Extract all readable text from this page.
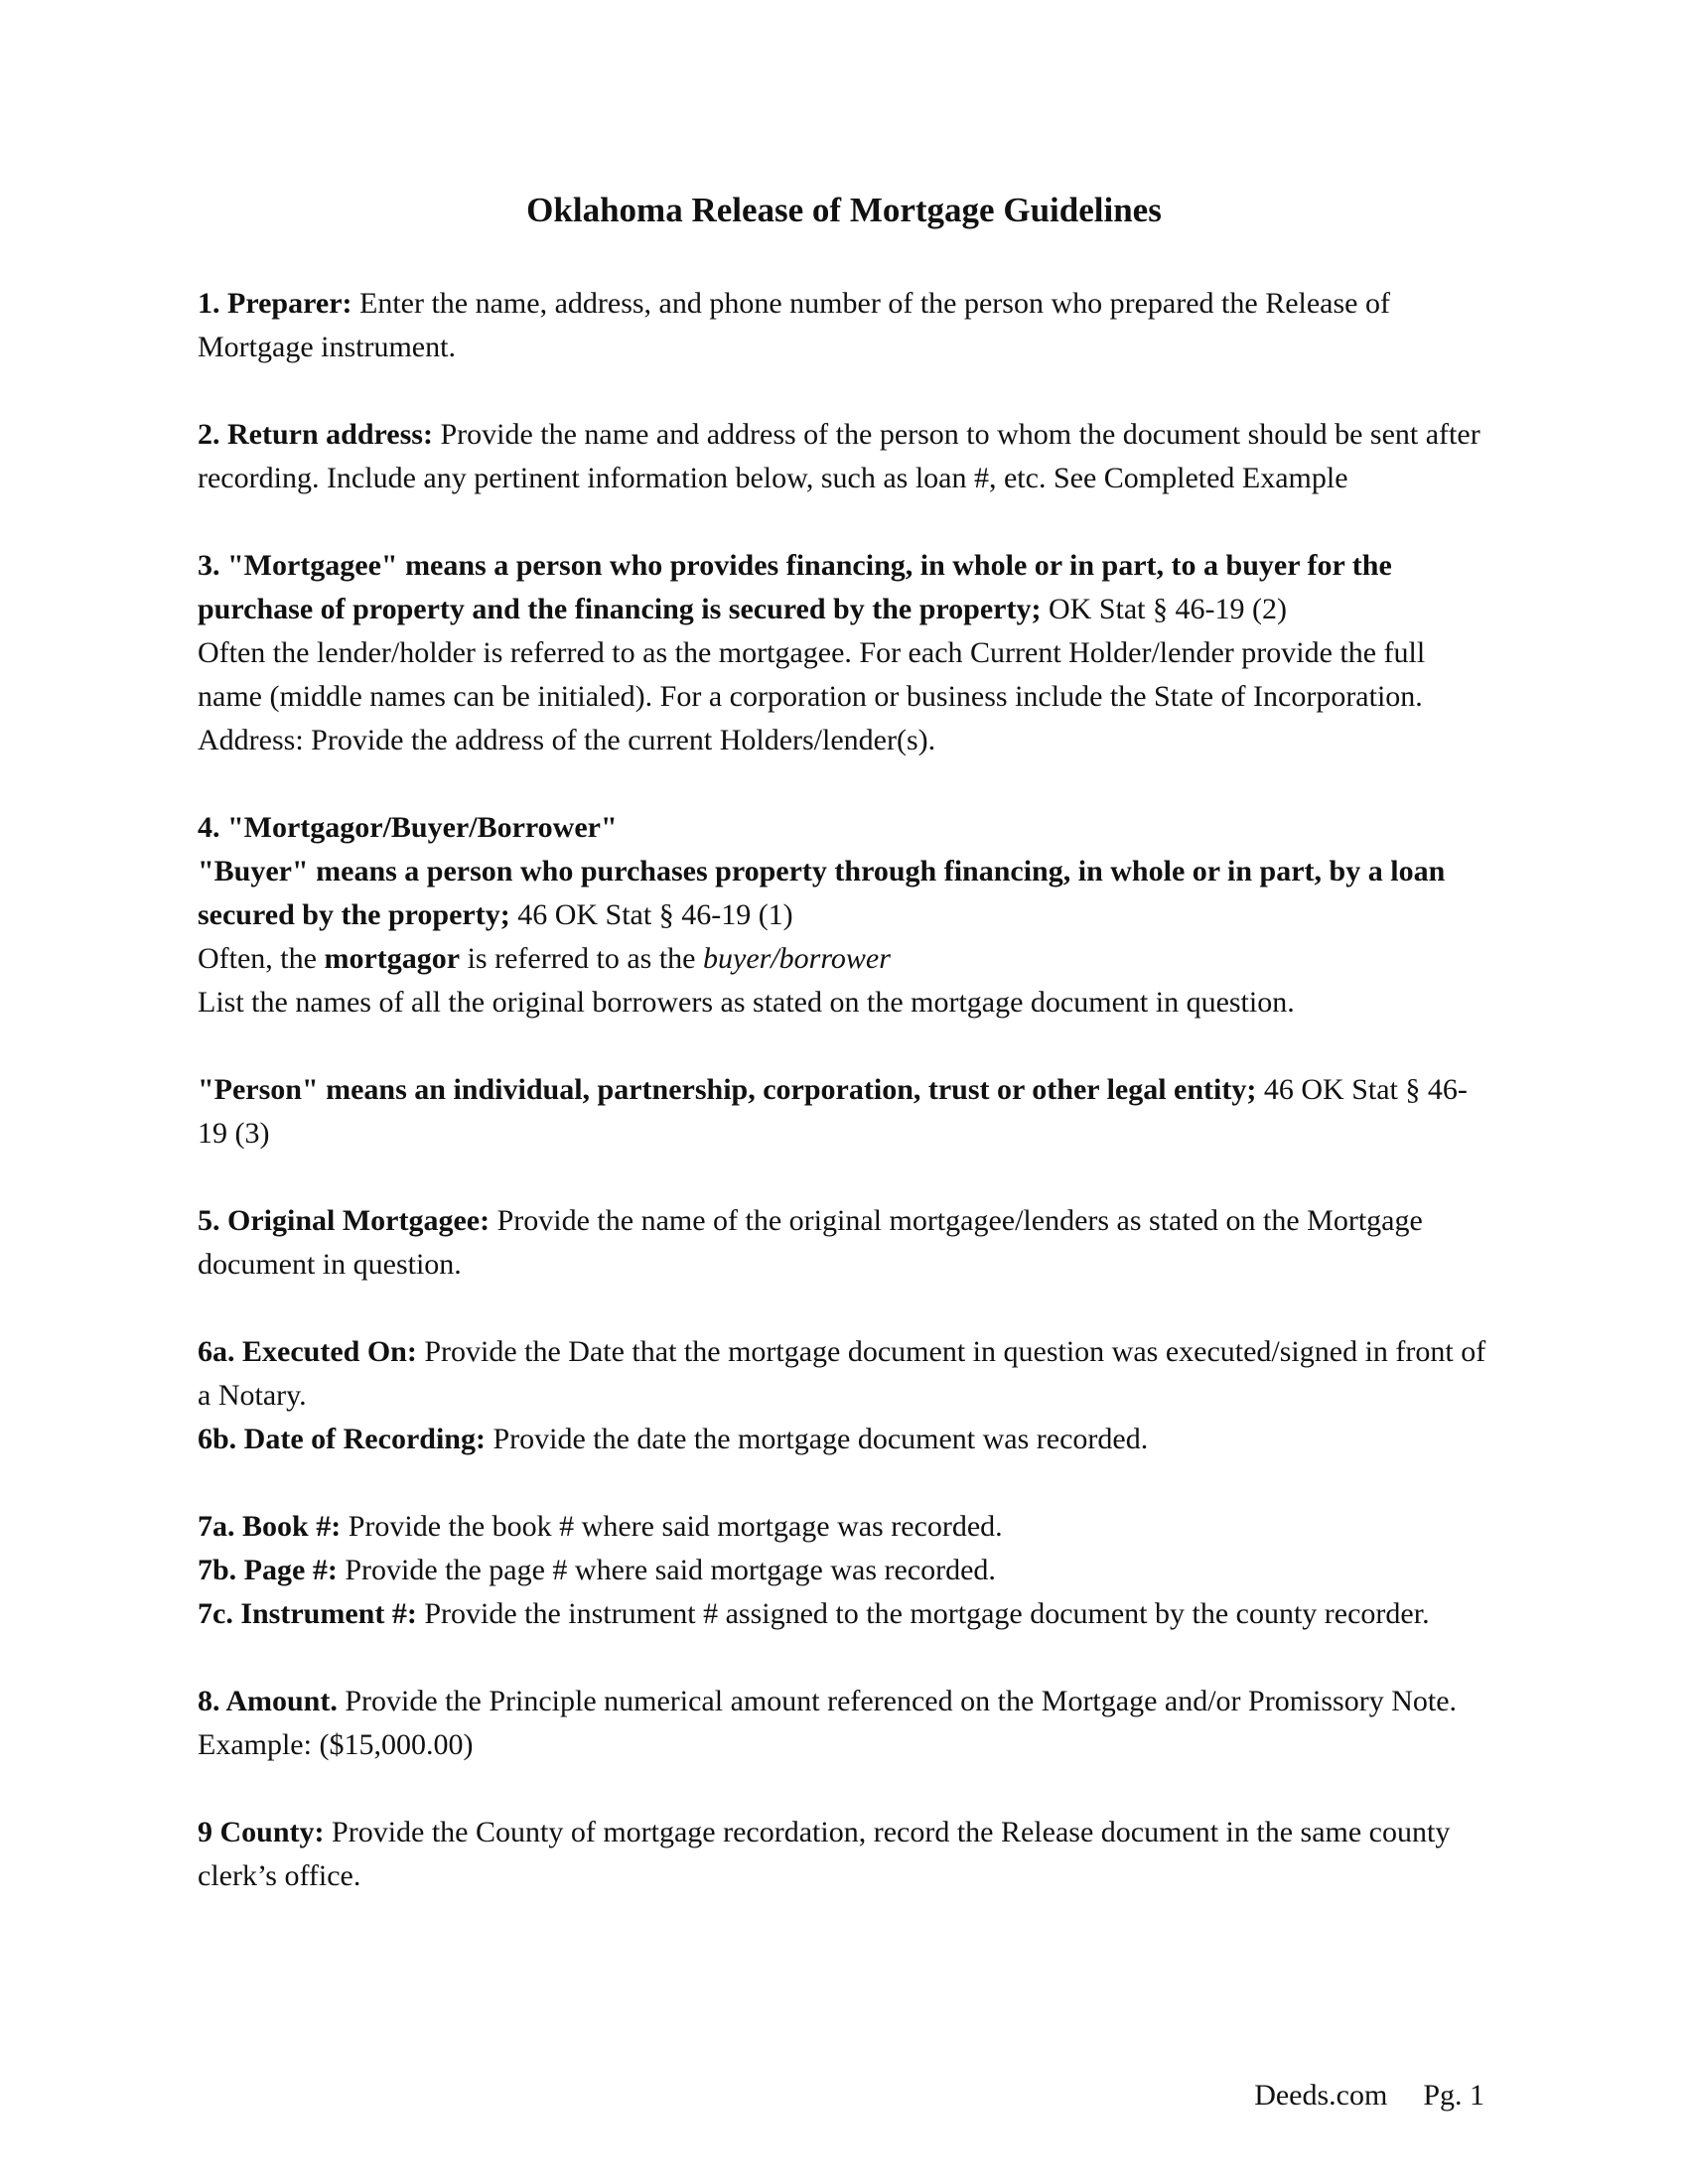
Oklahoma Release of Mortgage Guidelines

1. Preparer: Enter the name, address, and phone number of the person who prepared the Release of Mortgage instrument.

2. Return address: Provide the name and address of the person to whom the document should be sent after recording. Include any pertinent information below, such as loan #, etc. See Completed Example

3. "Mortgagee" means a person who provides financing, in whole or in part, to a buyer for the purchase of property and the financing is secured by the property; OK Stat § 46-19 (2)
Often the lender/holder is referred to as the mortgagee. For each Current Holder/lender provide the full name (middle names can be initialed). For a corporation or business include the State of Incorporation.
Address: Provide the address of the current Holders/lender(s).
4. "Mortgagor/Buyer/Borrower"
"Buyer" means a person who purchases property through financing, in whole or in part, by a loan secured by the property; 46 OK Stat § 46-19 (1)
Often, the mortgagor is referred to as the buyer/borrower
List the names of all the original borrowers as stated on the mortgage document in question.

"Person" means an individual, partnership, corporation, trust or other legal entity; 46 OK Stat § 46-19 (3)

5. Original Mortgagee: Provide the name of the original mortgagee/lenders as stated on the Mortgage document in question.

6a. Executed On: Provide the Date that the mortgage document in question was executed/signed in front of a Notary.
6b. Date of Recording: Provide the date the mortgage document was recorded.
7a. Book #: Provide the book # where said mortgage was recorded.
7b. Page #: Provide the page # where said mortgage was recorded.
7c. Instrument #: Provide the instrument # assigned to the mortgage document by the county recorder.

8. Amount. Provide the Principle numerical amount referenced on the Mortgage and/or Promissory Note. Example: ($15,000.00)

9 County: Provide the County of mortgage recordation, record the Release document in the same county clerk’s office.

Deeds.com Pg. 1
